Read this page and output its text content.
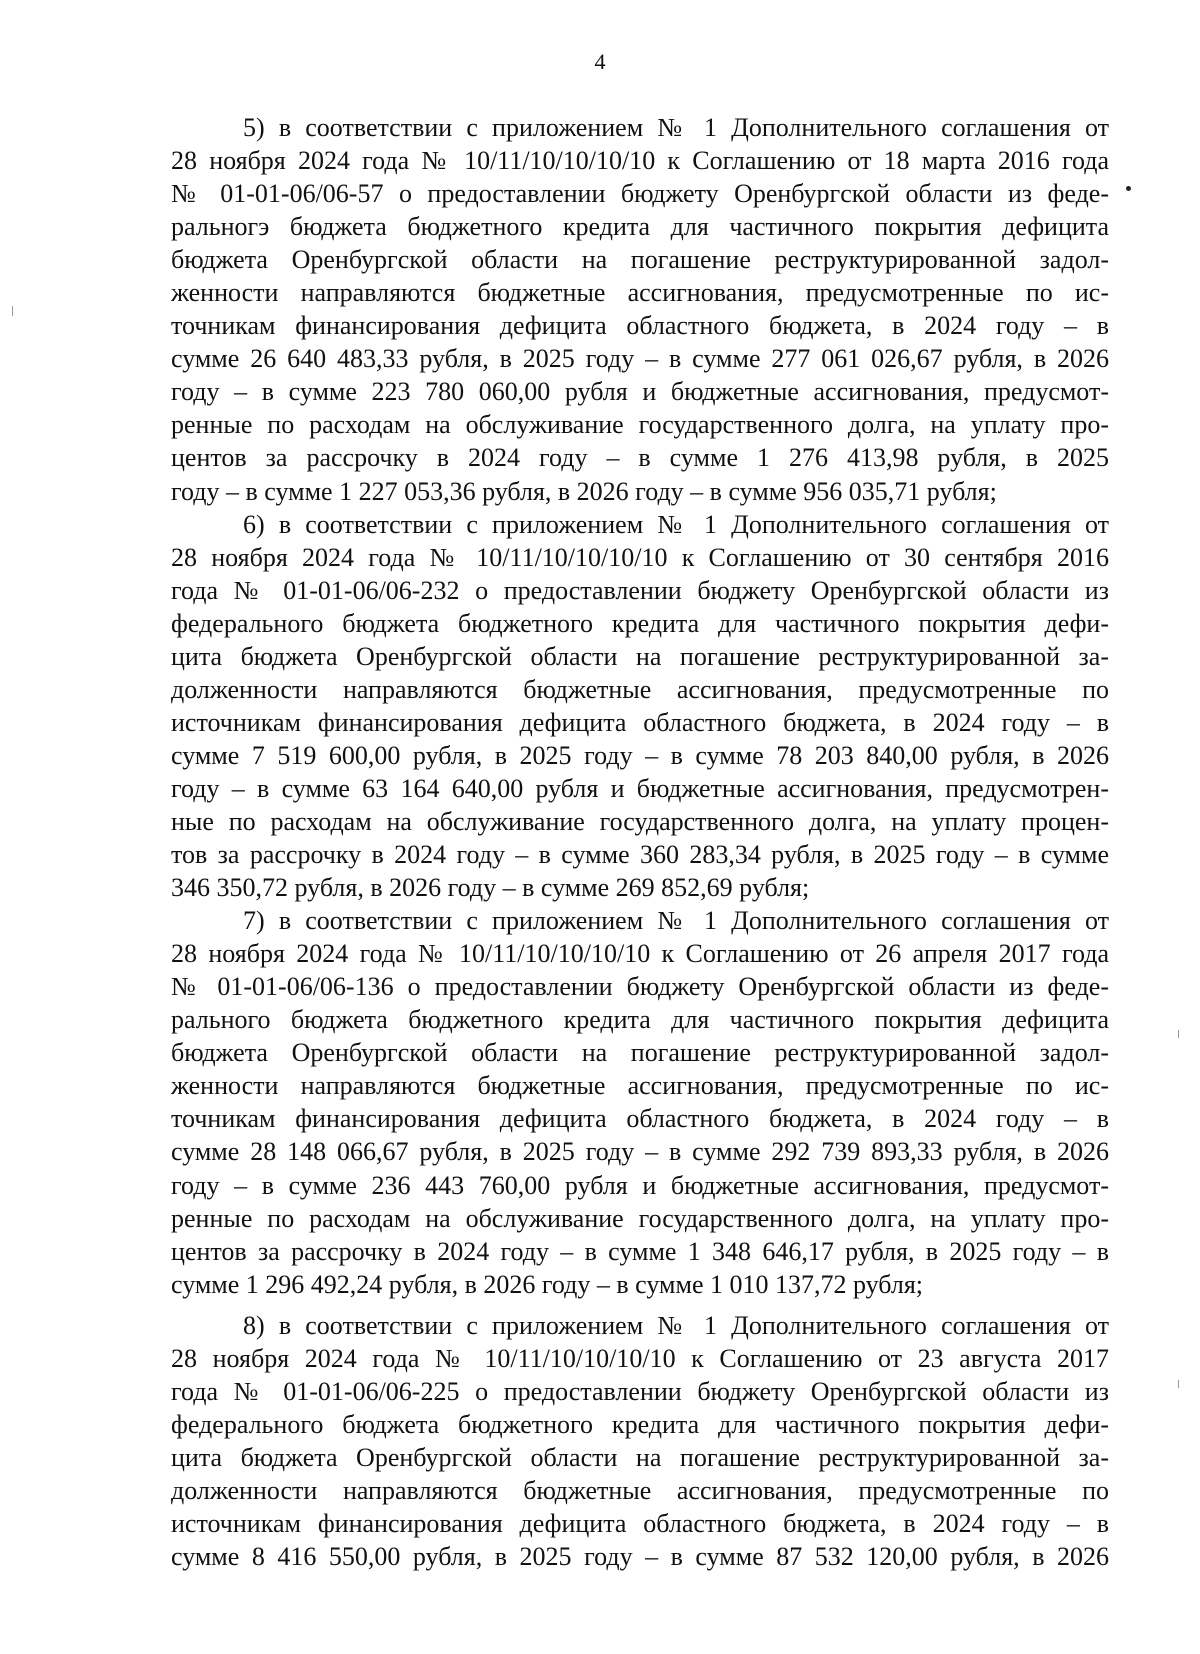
4
5) в соответствии с приложением № 1 Дополнительного соглашения от
28 ноября 2024 года № 10/11/10/10/10/10 к Соглашению от 18 марта 2016 года
№ 01-01-06/06-57 о предоставлении бюджету Оренбургской области из феде-
ральногэ бюджета бюджетного кредита для частичного покрытия дефицита
бюджета Оренбургской области на погашение реструктурированной задол-
женности направляются бюджетные ассигнования, предусмотренные по ис-
точникам финансирования дефицита областного бюджета, в 2024 году – в
сумме 26 640 483,33 рубля, в 2025 году – в сумме 277 061 026,67 рубля, в 2026
году – в сумме 223 780 060,00 рубля и бюджетные ассигнования, предусмот-
ренные по расходам на обслуживание государственного долга, на уплату про-
центов за рассрочку в 2024 году – в сумме 1 276 413,98 рубля, в 2025
году – в сумме 1 227 053,36 рубля, в 2026 году – в сумме 956 035,71 рубля;
6) в соответствии с приложением № 1 Дополнительного соглашения от
28 ноября 2024 года № 10/11/10/10/10/10 к Соглашению от 30 сентября 2016
года № 01-01-06/06-232 о предоставлении бюджету Оренбургской области из
федерального бюджета бюджетного кредита для частичного покрытия дефи-
цита бюджета Оренбургской области на погашение реструктурированной за-
долженности направляются бюджетные ассигнования, предусмотренные по
источникам финансирования дефицита областного бюджета, в 2024 году – в
сумме 7 519 600,00 рубля, в 2025 году – в сумме 78 203 840,00 рубля, в 2026
году – в сумме 63 164 640,00 рубля и бюджетные ассигнования, предусмотрен-
ные по расходам на обслуживание государственного долга, на уплату процен-
тов за рассрочку в 2024 году – в сумме 360 283,34 рубля, в 2025 году – в сумме
346 350,72 рубля, в 2026 году – в сумме 269 852,69 рубля;
7) в соответствии с приложением № 1 Дополнительного соглашения от
28 ноября 2024 года № 10/11/10/10/10/10 к Соглашению от 26 апреля 2017 года
№ 01-01-06/06-136 о предоставлении бюджету Оренбургской области из феде-
рального бюджета бюджетного кредита для частичного покрытия дефицита
бюджета Оренбургской области на погашение реструктурированной задол-
женности направляются бюджетные ассигнования, предусмотренные по ис-
точникам финансирования дефицита областного бюджета, в 2024 году – в
сумме 28 148 066,67 рубля, в 2025 году – в сумме 292 739 893,33 рубля, в 2026
году – в сумме 236 443 760,00 рубля и бюджетные ассигнования, предусмот-
ренные по расходам на обслуживание государственного долга, на уплату про-
центов за рассрочку в 2024 году – в сумме 1 348 646,17 рубля, в 2025 году – в
сумме 1 296 492,24 рубля, в 2026 году – в сумме 1 010 137,72 рубля;
8) в соответствии с приложением № 1 Дополнительного соглашения от
28 ноября 2024 года № 10/11/10/10/10/10 к Соглашению от 23 августа 2017
года № 01-01-06/06-225 о предоставлении бюджету Оренбургской области из
федерального бюджета бюджетного кредита для частичного покрытия дефи-
цита бюджета Оренбургской области на погашение реструктурированной за-
долженности направляются бюджетные ассигнования, предусмотренные по
источникам финансирования дефицита областного бюджета, в 2024 году – в
сумме 8 416 550,00 рубля, в 2025 году – в сумме 87 532 120,00 рубля, в 2026
